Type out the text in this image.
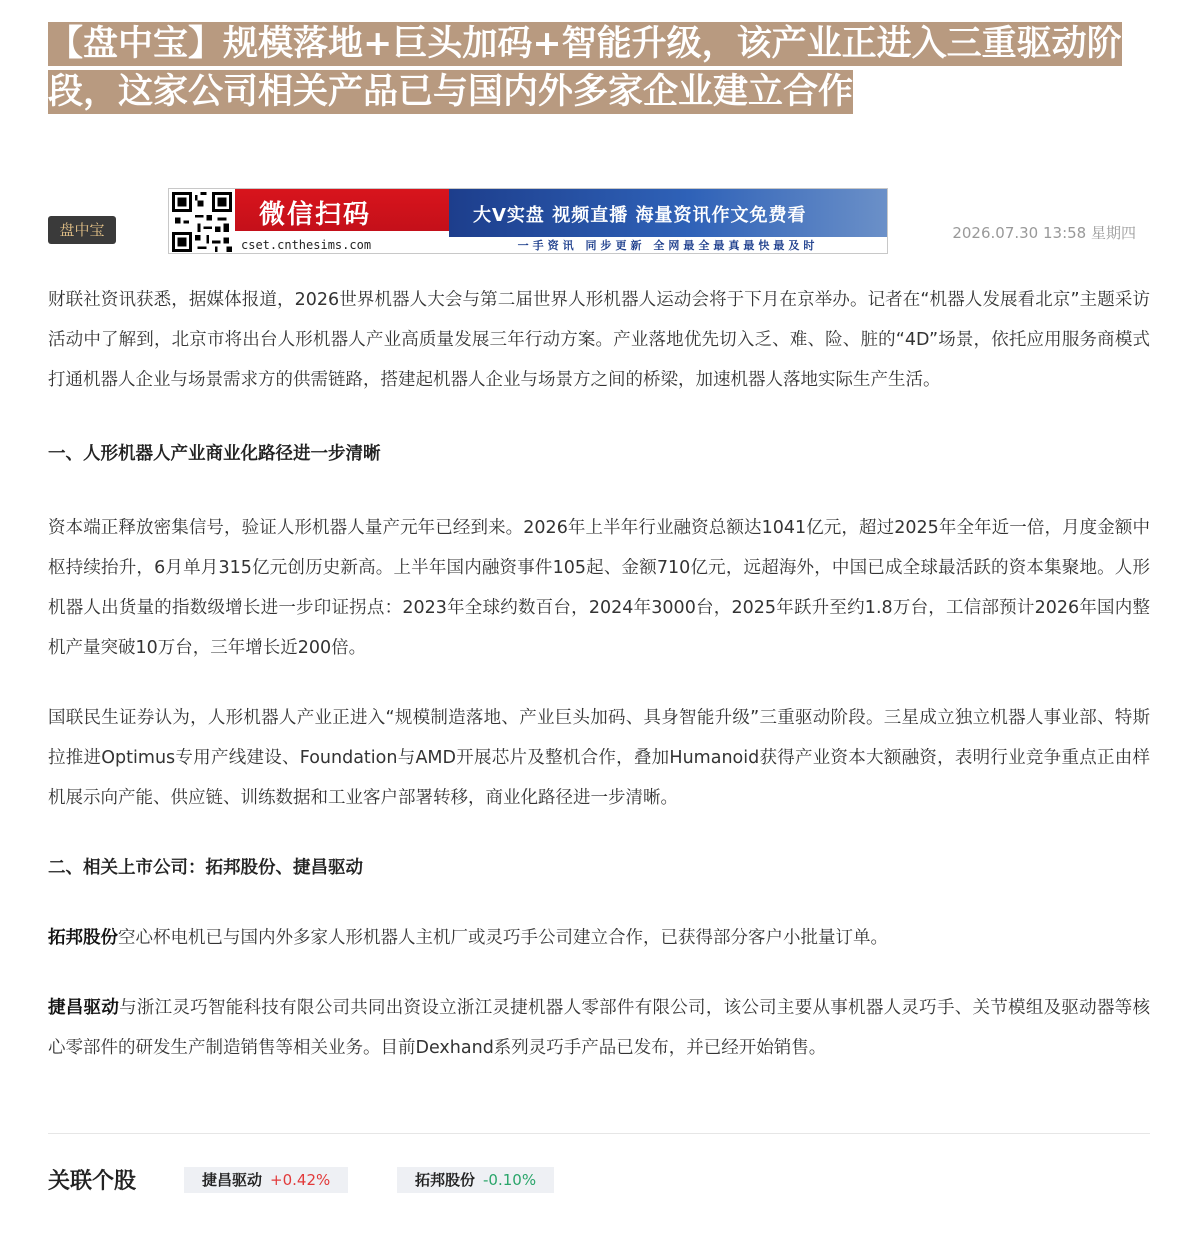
【盘中宝】规模落地+巨头加码+智能升级，该产业正进入三重驱动阶段，这家公司相关产品已与国内外多家企业建立合作
盘中宝	微信扫码
cset.cnthesims.com
大V实盘 视频直播 海量资讯作文免费看
一手资讯 同步更新 全网最全最真最快最及时
2026.07.30 13:58 星期四

财联社资讯获悉，据媒体报道，2026世界机器人大会与第二届世界人形机器人运动会将于下月在京举办。记者在“机器人发展看北京”主题采访活动中了解到，北京市将出台人形机器人产业高质量发展三年行动方案。产业落地优先切入乏、难、险、脏的“4D”场景，依托应用服务商模式打通机器人企业与场景需求方的供需链路，搭建起机器人企业与场景方之间的桥梁，加速机器人落地实际生产生活。

一、人形机器人产业商业化路径进一步清晰

资本端正释放密集信号，验证人形机器人量产元年已经到来。2026年上半年行业融资总额达1041亿元，超过2025年全年近一倍，月度金额中枢持续抬升，6月单月315亿元创历史新高。上半年国内融资事件105起、金额710亿元，远超海外，中国已成全球最活跃的资本集聚地。人形机器人出货量的指数级增长进一步印证拐点：2023年全球约数百台，2024年3000台，2025年跃升至约1.8万台，工信部预计2026年国内整机产量突破10万台，三年增长近200倍。

国联民生证券认为，人形机器人产业正进入“规模制造落地、产业巨头加码、具身智能升级”三重驱动阶段。三星成立独立机器人事业部、特斯拉推进Optimus专用产线建设、Foundation与AMD开展芯片及整机合作，叠加Humanoid获得产业资本大额融资，表明行业竞争重点正由样机展示向产能、供应链、训练数据和工业客户部署转移，商业化路径进一步清晰。

二、相关上市公司：拓邦股份、捷昌驱动

拓邦股份空心杯电机已与国内外多家人形机器人主机厂或灵巧手公司建立合作，已获得部分客户小批量订单。

捷昌驱动与浙江灵巧智能科技有限公司共同出资设立浙江灵捷机器人零部件有限公司，该公司主要从事机器人灵巧手、关节模组及驱动器等核心零部件的研发生产制造销售等相关业务。目前Dexhand系列灵巧手产品已发布，并已经开始销售。

关联个股	捷昌驱动 +0.42%	拓邦股份 -0.10%
